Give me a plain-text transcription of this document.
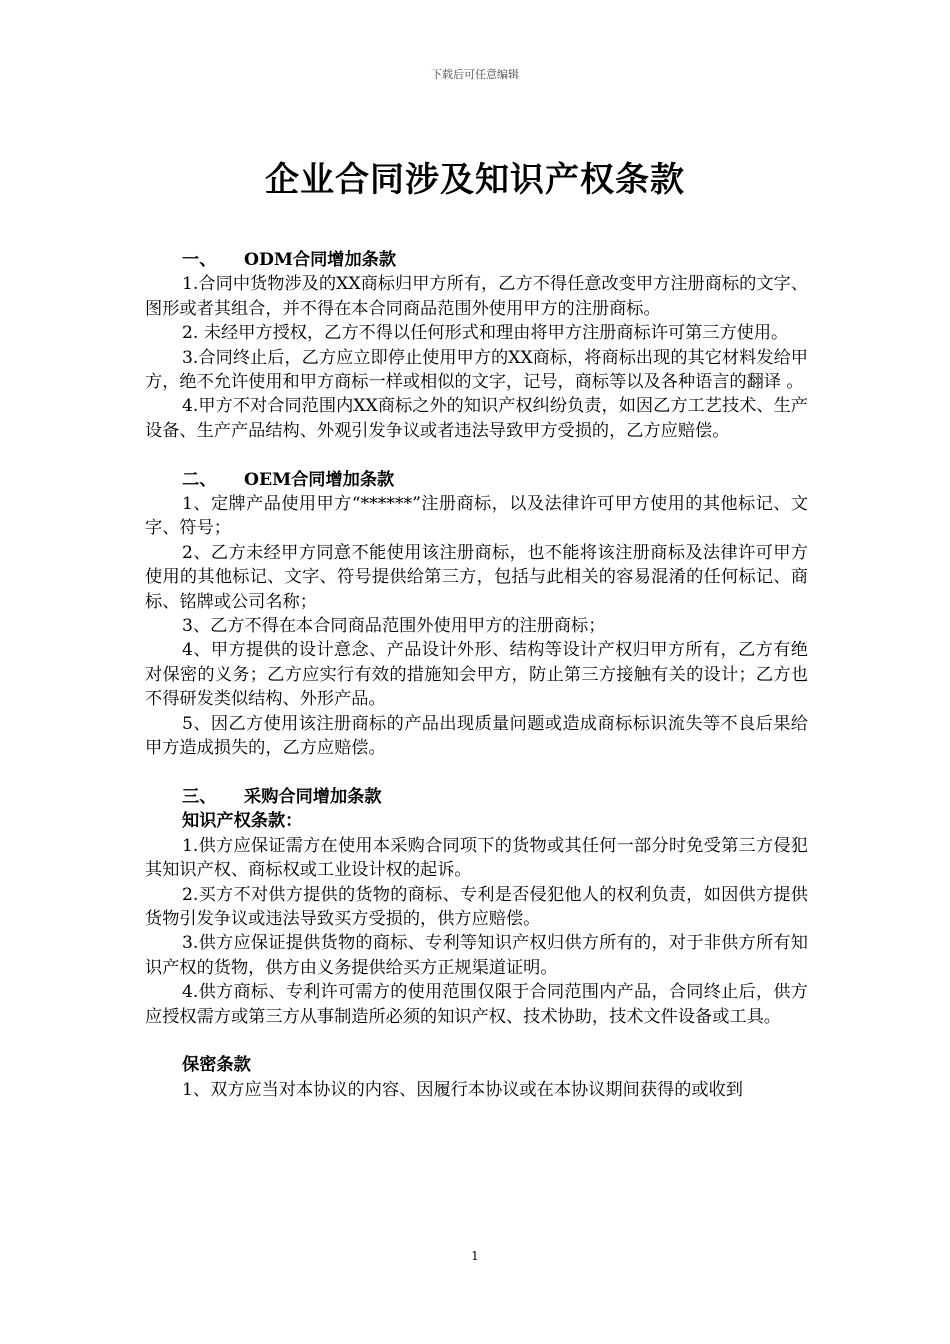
下载后可任意编辑
企业合同涉及知识产权条款
一、 ODM合同增加条款

1.合同中货物涉及的XX商标归甲方所有，乙方不得任意改变甲方注册商标的文字、图形或者其组合，并不得在本合同商品范围外使用甲方的注册商标。

2. 未经甲方授权，乙方不得以任何形式和理由将甲方注册商标许可第三方使用。

3.合同终止后，乙方应立即停止使用甲方的XX商标，将商标出现的其它材料发给甲方，绝不允许使用和甲方商标一样或相似的文字，记号，商标等以及各种语言的翻译 。

4.甲方不对合同范围内XX商标之外的知识产权纠纷负责，如因乙方工艺技术、生产设备、生产产品结构、外观引发争议或者违法导致甲方受损的，乙方应赔偿。

二、 OEM合同增加条款

1、定牌产品使用甲方“******”注册商标，以及法律许可甲方使用的其他标记、文字、符号；

2、乙方未经甲方同意不能使用该注册商标，也不能将该注册商标及法律许可甲方使用的其他标记、文字、符号提供给第三方，包括与此相关的容易混淆的任何标记、商标、铭牌或公司名称；

3、乙方不得在本合同商品范围外使用甲方的注册商标；

4、甲方提供的设计意念、产品设计外形、结构等设计产权归甲方所有，乙方有绝对保密的义务；乙方应实行有效的措施知会甲方，防止第三方接触有关的设计；乙方也不得研发类似结构、外形产品。

5、因乙方使用该注册商标的产品出现质量问题或造成商标标识流失等不良后果给甲方造成损失的，乙方应赔偿。

三、 采购合同增加条款
知识产权条款：

1.供方应保证需方在使用本采购合同项下的货物或其任何一部分时免受第三方侵犯其知识产权、商标权或工业设计权的起诉。

2.买方不对供方提供的货物的商标、专利是否侵犯他人的权利负责，如因供方提供货物引发争议或违法导致买方受损的，供方应赔偿。

3.供方应保证提供货物的商标、专利等知识产权归供方所有的，对于非供方所有知识产权的货物，供方由义务提供给买方正规渠道证明。

4.供方商标、专利许可需方的使用范围仅限于合同范围内产品，合同终止后，供方应授权需方或第三方从事制造所必须的知识产权、技术协助，技术文件设备或工具。

保密条款

1、双方应当对本协议的内容、因履行本协议或在本协议期间获得的或收到

1
